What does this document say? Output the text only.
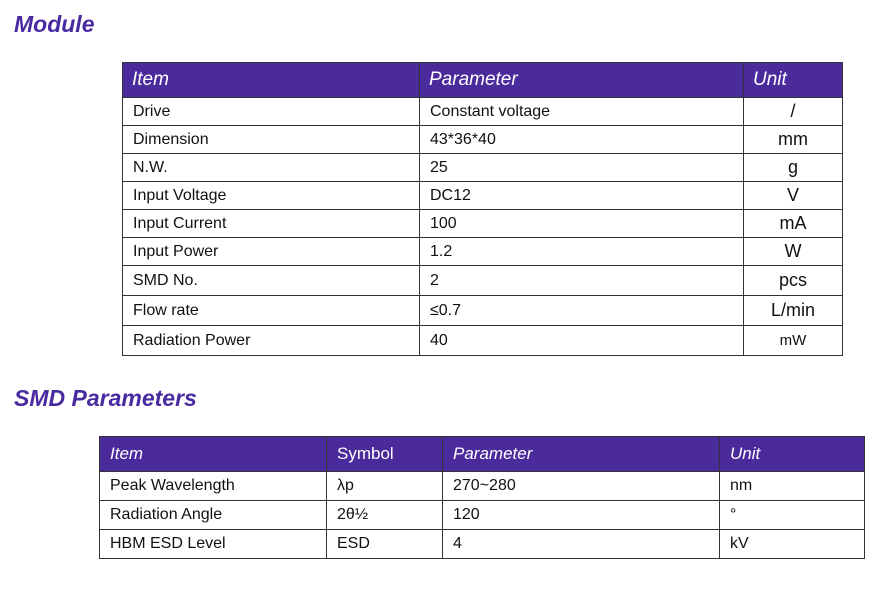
Module
Item	Parameter	Unit
Drive	Constant voltage	/
Dimension	43*36*40	mm
N.W.	25	g
Input Voltage	DC12	V
Input Current	100	mA
Input Power	1.2	W
SMD No.	2	pcs
Flow rate	≤0.7	L/min
Radiation Power	40	mW
SMD Parameters
Item	Symbol	Parameter	Unit
Peak Wavelength	λp	270~280	nm
Radiation Angle	2θ½	120	°
HBM ESD Level	ESD	4	kV
